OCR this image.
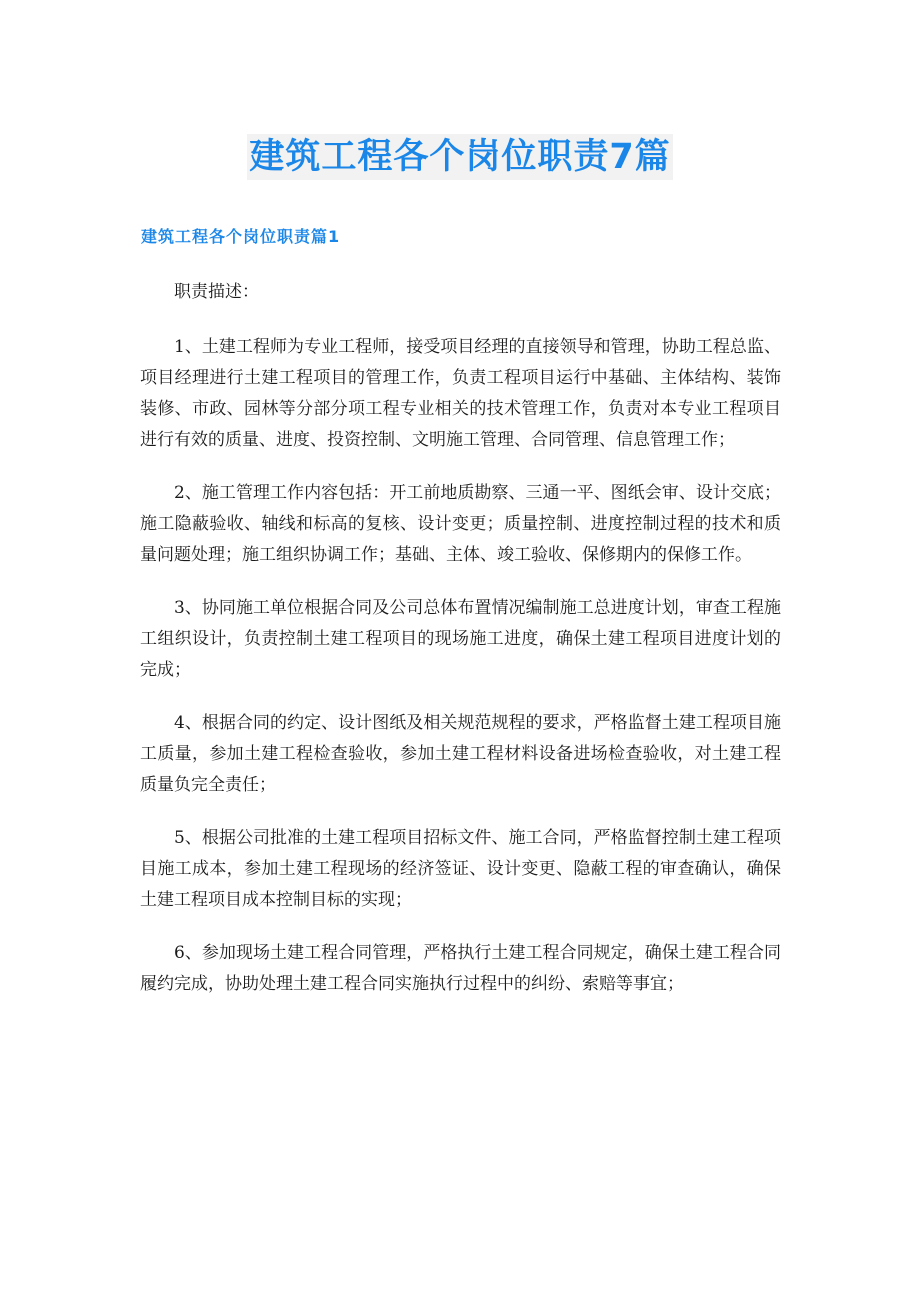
建筑工程各个岗位职责7篇
建筑工程各个岗位职责篇1

职责描述：

1、土建工程师为专业工程师，接受项目经理的直接领导和管理，协助工程总监、项目经理进行土建工程项目的管理工作，负责工程项目运行中基础、主体结构、装饰装修、市政、园林等分部分项工程专业相关的技术管理工作，负责对本专业工程项目进行有效的质量、进度、投资控制、文明施工管理、合同管理、信息管理工作；

2、施工管理工作内容包括：开工前地质勘察、三通一平、图纸会审、设计交底；施工隐蔽验收、轴线和标高的复核、设计变更；质量控制、进度控制过程的技术和质量问题处理；施工组织协调工作；基础、主体、竣工验收、保修期内的保修工作。

3、协同施工单位根据合同及公司总体布置情况编制施工总进度计划，审查工程施工组织设计，负责控制土建工程项目的现场施工进度，确保土建工程项目进度计划的完成；

4、根据合同的约定、设计图纸及相关规范规程的要求，严格监督土建工程项目施工质量，参加土建工程检查验收，参加土建工程材料设备进场检查验收，对土建工程质量负完全责任；

5、根据公司批准的土建工程项目招标文件、施工合同，严格监督控制土建工程项目施工成本，参加土建工程现场的经济签证、设计变更、隐蔽工程的审查确认，确保土建工程项目成本控制目标的实现；

6、参加现场土建工程合同管理，严格执行土建工程合同规定，确保土建工程合同履约完成，协助处理土建工程合同实施执行过程中的纠纷、索赔等事宜；
